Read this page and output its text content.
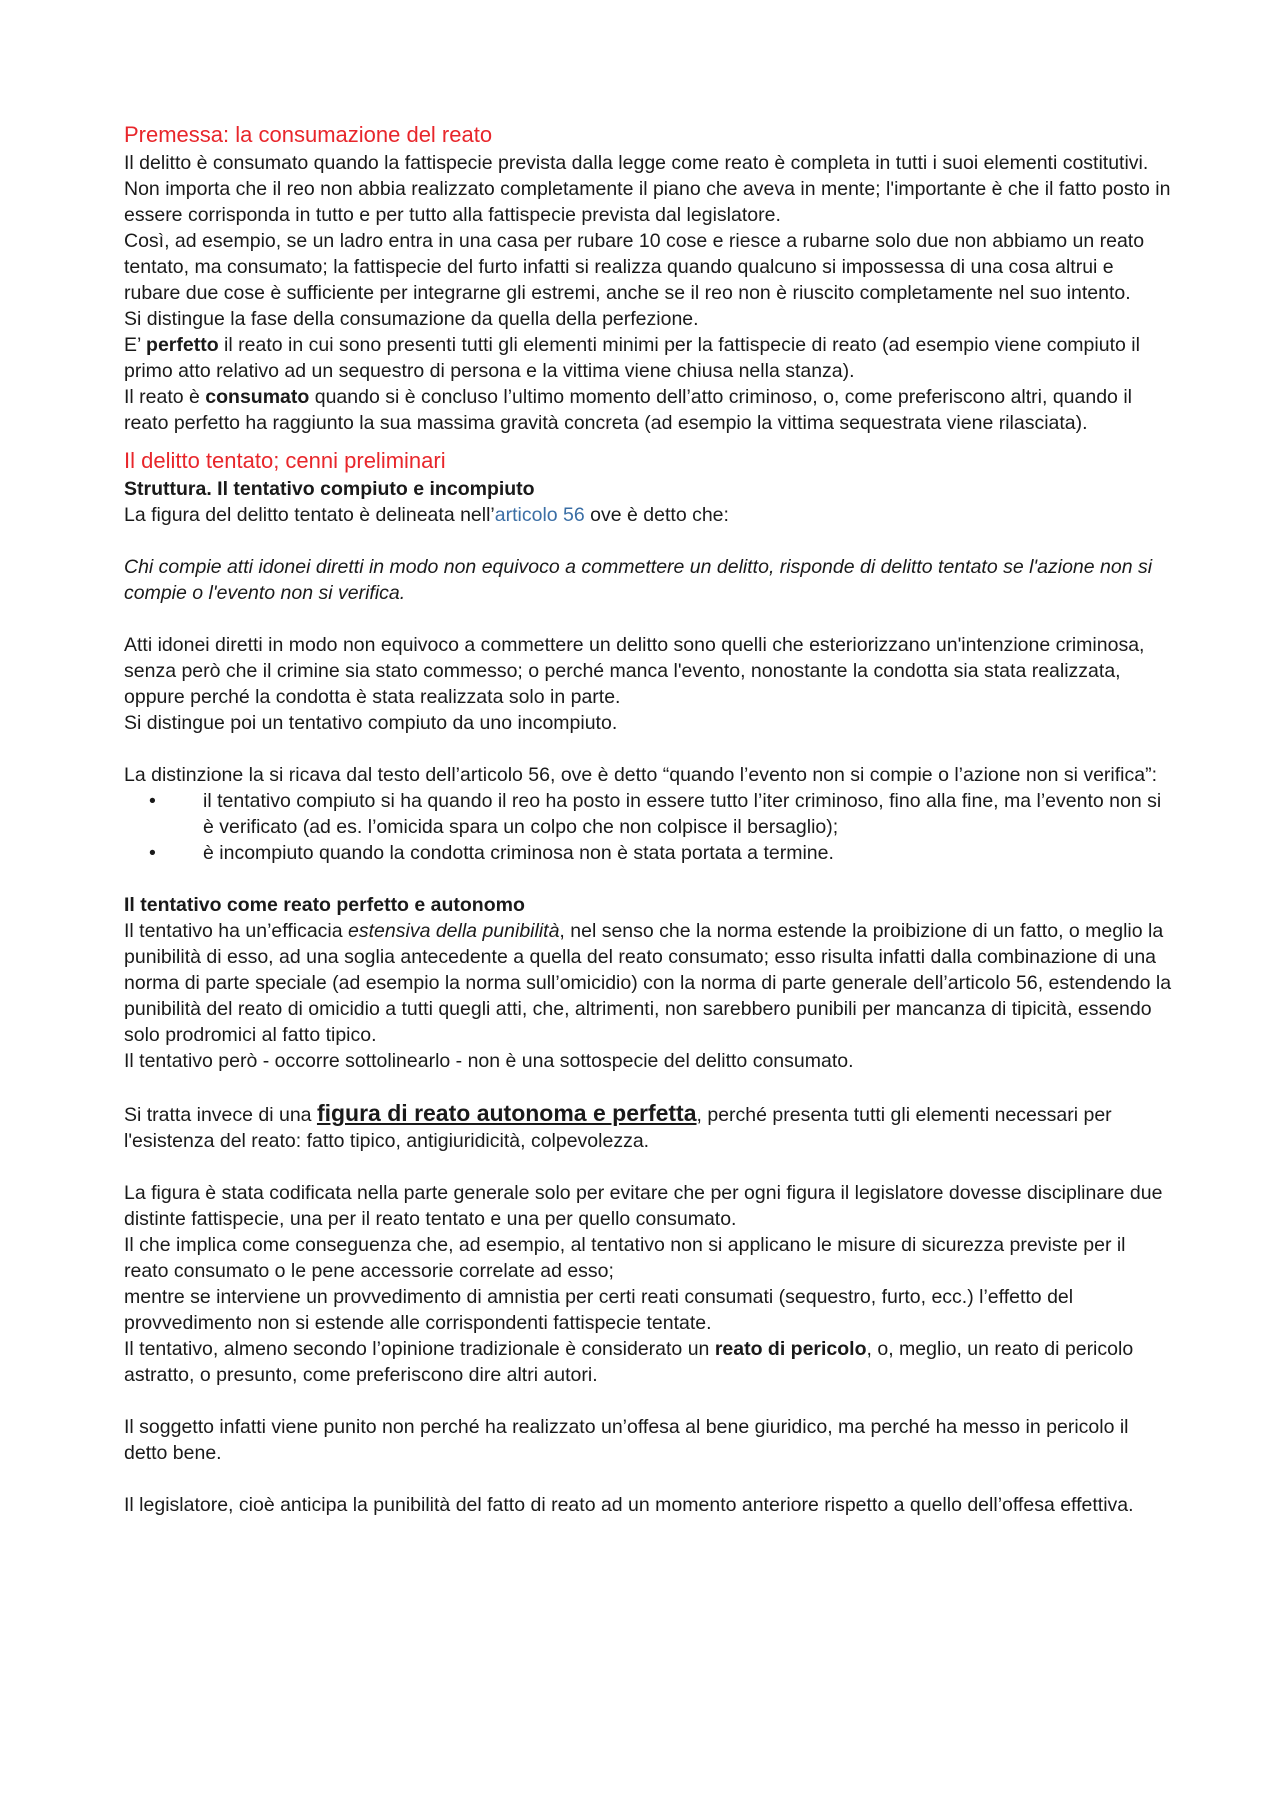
Premessa: la consumazione del reato

Il delitto è consumato quando la fattispecie prevista dalla legge come reato è completa in tutti i suoi elementi costitutivi.

Non importa che il reo non abbia realizzato completamente il piano che aveva in mente; l'importante è che il fatto posto in essere corrisponda in tutto e per tutto alla fattispecie prevista dal legislatore.

Così, ad esempio, se un ladro entra in una casa per rubare 10 cose e riesce a rubarne solo due non abbiamo un reato tentato, ma consumato; la fattispecie del furto infatti si realizza quando qualcuno si impossessa di una cosa altrui e rubare due cose è sufficiente per integrarne gli estremi, anche se il reo non è riuscito completamente nel suo intento.

Si distingue la fase della consumazione da quella della perfezione.

E’ perfetto il reato in cui sono presenti tutti gli elementi minimi per la fattispecie di reato (ad esempio viene compiuto il primo atto relativo ad un sequestro di persona e la vittima viene chiusa nella stanza).

Il reato è consumato quando si è concluso l’ultimo momento dell’atto criminoso, o, come preferiscono altri, quando il reato perfetto ha raggiunto la sua massima gravità concreta (ad esempio la vittima sequestrata viene rilasciata).

Il delitto tentato; cenni preliminari

Struttura. Il tentativo compiuto e incompiuto

La figura del delitto tentato è delineata nell’articolo 56 ove è detto che:

Chi compie atti idonei diretti in modo non equivoco a commettere un delitto, risponde di delitto tentato se l'azione non si compie o l'evento non si verifica.

Atti idonei diretti in modo non equivoco a commettere un delitto sono quelli che esteriorizzano un'intenzione criminosa, senza però che il crimine sia stato commesso; o perché manca l'evento, nonostante la condotta sia stata realizzata, oppure perché la condotta è stata realizzata solo in parte.

Si distingue poi un tentativo compiuto da uno incompiuto.

La distinzione la si ricava dal testo dell’articolo 56, ove è detto “quando l’evento non si compie o l’azione non si verifica”:

• il tentativo compiuto si ha quando il reo ha posto in essere tutto l’iter criminoso, fino alla fine, ma l’evento non si è verificato (ad es. l’omicida spara un colpo che non colpisce il bersaglio);
• è incompiuto quando la condotta criminosa non è stata portata a termine.

Il tentativo come reato perfetto e autonomo

Il tentativo ha un’efficacia estensiva della punibilità, nel senso che la norma estende la proibizione di un fatto, o meglio la punibilità di esso, ad una soglia antecedente a quella del reato consumato; esso risulta infatti dalla combinazione di una norma di parte speciale (ad esempio la norma sull’omicidio) con la norma di parte generale dell’articolo 56, estendendo la punibilità del reato di omicidio a tutti quegli atti, che, altrimenti, non sarebbero punibili per mancanza di tipicità, essendo solo prodromici al fatto tipico.

Il tentativo però - occorre sottolinearlo - non è una sottospecie del delitto consumato.

Si tratta invece di una figura di reato autonoma e perfetta, perché presenta tutti gli elementi necessari per l'esistenza del reato: fatto tipico, antigiuridicità, colpevolezza.

La figura è stata codificata nella parte generale solo per evitare che per ogni figura il legislatore dovesse disciplinare due distinte fattispecie, una per il reato tentato e una per quello consumato.

Il che implica come conseguenza che, ad esempio, al tentativo non si applicano le misure di sicurezza previste per il reato consumato o le pene accessorie correlate ad esso;

mentre se interviene un provvedimento di amnistia per certi reati consumati (sequestro, furto, ecc.) l’effetto del provvedimento non si estende alle corrispondenti fattispecie tentate.

Il tentativo, almeno secondo l’opinione tradizionale è considerato un reato di pericolo, o, meglio, un reato di pericolo astratto, o presunto, come preferiscono dire altri autori.

Il soggetto infatti viene punito non perché ha realizzato un’offesa al bene giuridico, ma perché ha messo in pericolo il detto bene.

Il legislatore, cioè anticipa la punibilità del fatto di reato ad un momento anteriore rispetto a quello dell’offesa effettiva.
